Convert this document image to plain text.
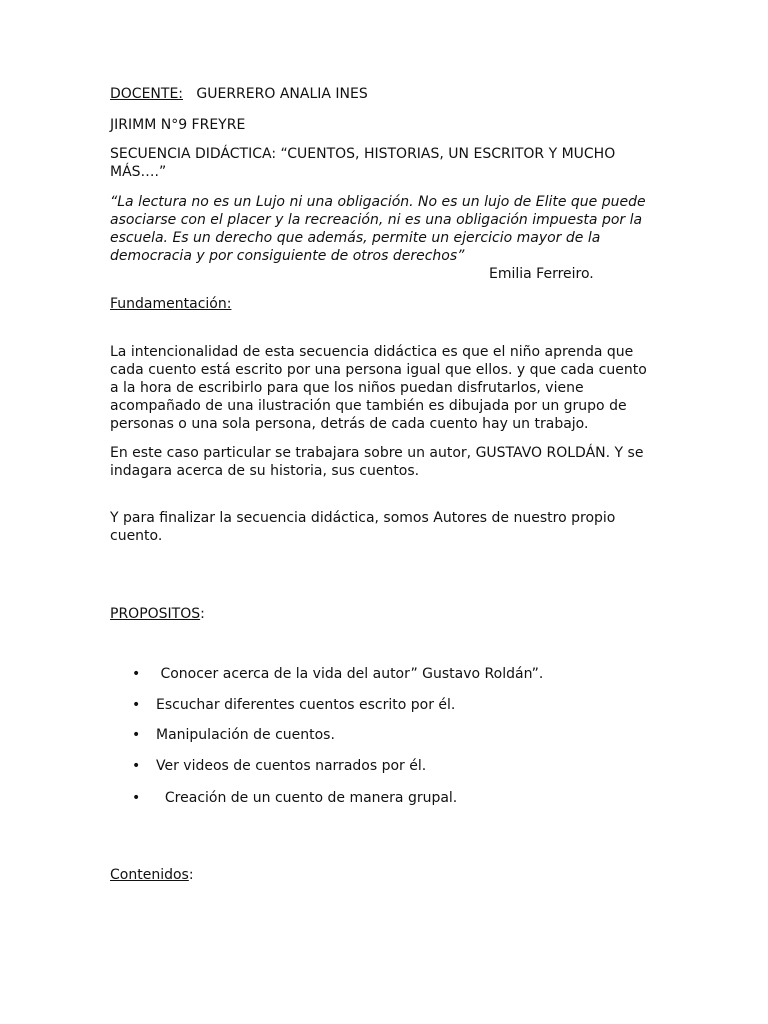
DOCENTE: GUERRERO ANALIA INES
JIRIMM N°9 FREYRE
SECUENCIA DIDÁCTICA: “CUENTOS, HISTORIAS, UN ESCRITOR Y MUCHO
MÁS….”
“La lectura no es un Lujo ni una obligación. No es un lujo de Elite que puede
asociarse con el placer y la recreación, ni es una obligación impuesta por la
escuela. Es un derecho que además, permite un ejercicio mayor de la
democracia y por consiguiente de otros derechos”
Emilia Ferreiro.
Fundamentación:
La intencionalidad de esta secuencia didáctica es que el niño aprenda que
cada cuento está escrito por una persona igual que ellos. y que cada cuento
a la hora de escribirlo para que los niños puedan disfrutarlos, viene
acompañado de una ilustración que también es dibujada por un grupo de
personas o una sola persona, detrás de cada cuento hay un trabajo.
En este caso particular se trabajara sobre un autor, GUSTAVO ROLDÁN. Y se
indagara acerca de su historia, sus cuentos.
Y para finalizar la secuencia didáctica, somos Autores de nuestro propio
cuento.
PROPOSITOS:
• Conocer acerca de la vida del autor” Gustavo Roldán”.
• Escuchar diferentes cuentos escrito por él.
• Manipulación de cuentos.
• Ver videos de cuentos narrados por él.
• Creación de un cuento de manera grupal.
Contenidos:
